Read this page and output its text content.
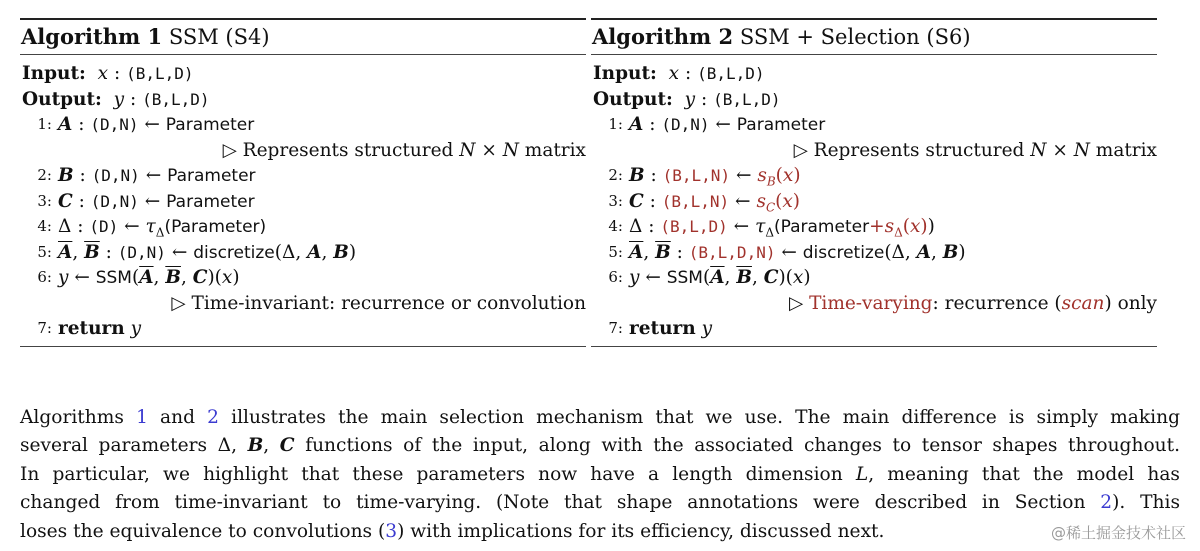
Algorithm 1 SSM (S4)
Input: x : (B,L,D)
Output: y : (B,L,D)
1: A : (D,N) ← Parameter
▷ Represents structured N × N matrix
2: B : (D,N) ← Parameter
3: C : (D,N) ← Parameter
4: Δ : (D) ← $\tau_\Delta(Parameter)$
5: $\overline{A}$, $\overline{B}$ : (D,N) ← discretize(Δ, A, B)
6: y ← $SSM(\overline{A}$, $\overline{B}$, C)(x)
▷ Time-invariant: recurrence or convolution
7: return y
Algorithm 2 SSM + Selection (S6)
Input: x : (B,L,D)
Output: y : (B,L,D)
1: A : (D,N) ← Parameter
▷ Represents structured N × N matrix
2: B : (B,L,N) ← $s_B(x)$
3: C : (B,L,N) ← $s_C(x)$
4: Δ : (B,L,D) ← $\tau_\Delta(Parameter+s_\Delta(x))$
5: $\overline{A}$, $\overline{B}$ : (B,L,D,N) ← discretize(Δ, A, B)
6: y ← $SSM(\overline{A}$, $\overline{B}$, C)(x)
▷ Time-varying: recurrence (scan) only
7: return y
Algorithms 1 and 2 illustrates the main selection mechanism that we use. The main difference is simply making
several parameters Δ, B, C functions of the input, along with the associated changes to tensor shapes throughout.
In particular, we highlight that these parameters now have a length dimension L, meaning that the model has
changed from time-invariant to time-varying. (Note that shape annotations were described in Section 2). This
loses the equivalence to convolutions (3) with implications for its efficiency, discussed next.	@稀土掘金技术社区
